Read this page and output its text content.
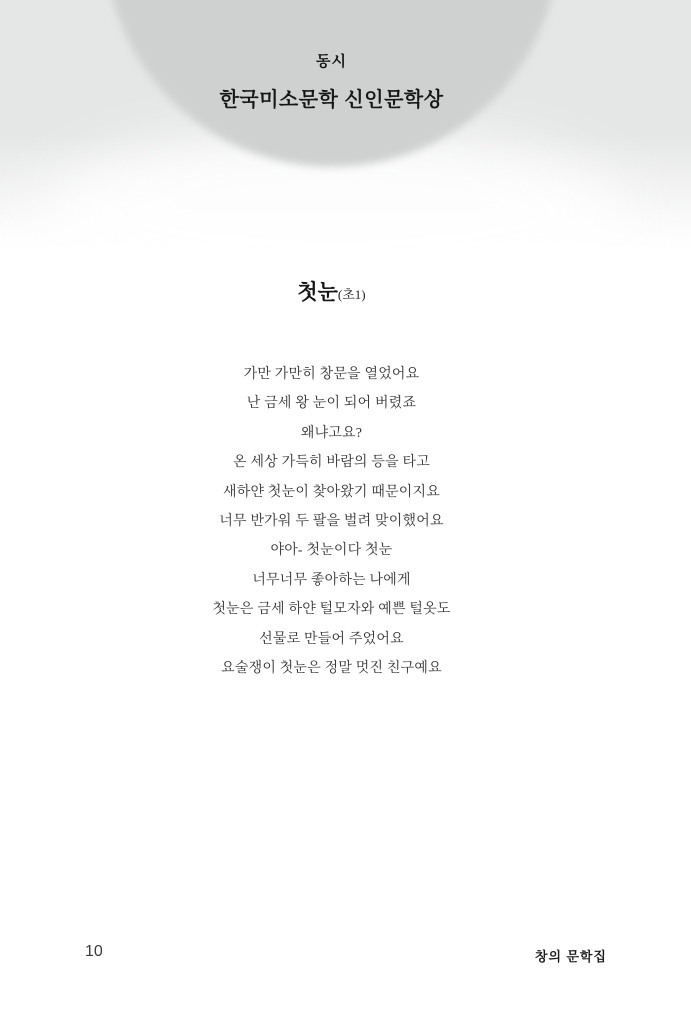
동시
한국미소문학 신인문학상
첫눈(초1)
가만 가만히 창문을 열었어요
난 금세 왕 눈이 되어 버렸죠
왜냐고요?
온 세상 가득히 바람의 등을 타고
새하얀 첫눈이 찾아왔기 때문이지요
너무 반가워 두 팔을 벌려 맞이했어요
야아- 첫눈이다 첫눈
너무너무 좋아하는 나에게
첫눈은 금세 하얀 털모자와 예쁜 털옷도
선물로 만들어 주었어요
요술쟁이 첫눈은 정말 멋진 친구예요
10	창의 문학집
